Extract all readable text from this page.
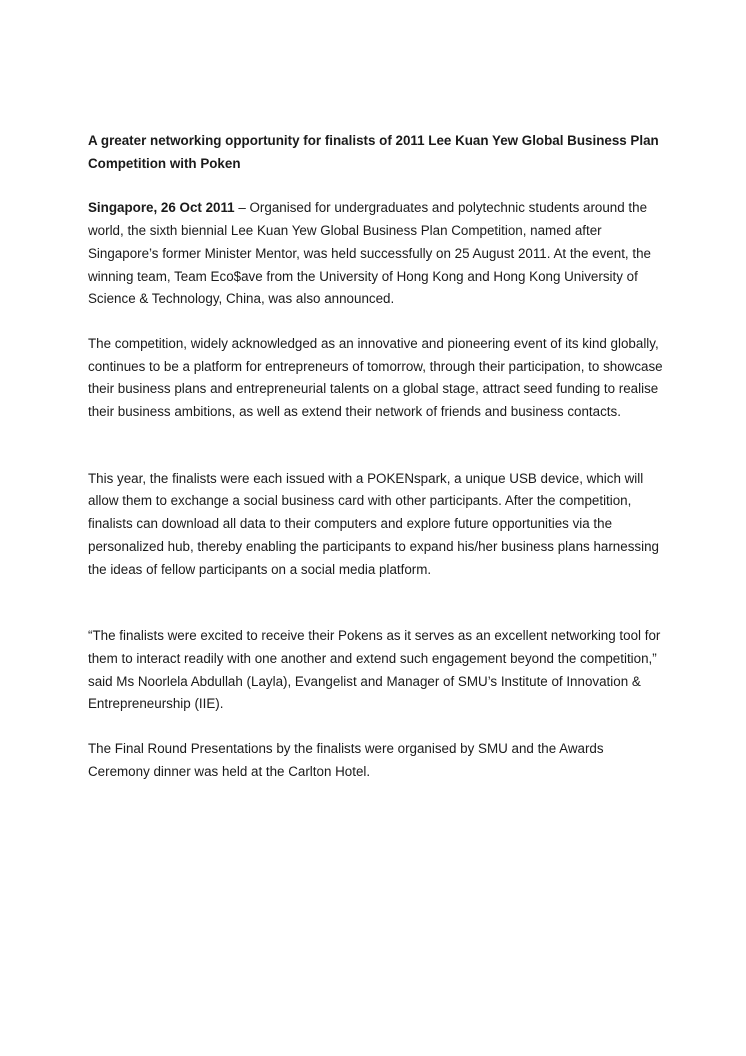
A greater networking opportunity for finalists of 2011 Lee Kuan Yew Global Business Plan Competition with Poken

Singapore, 26 Oct 2011 – Organised for undergraduates and polytechnic students around the world, the sixth biennial Lee Kuan Yew Global Business Plan Competition, named after Singapore’s former Minister Mentor, was held successfully on 25 August 2011. At the event, the winning team, Team Eco$ave from the University of Hong Kong and Hong Kong University of Science & Technology, China, was also announced.

The competition, widely acknowledged as an innovative and pioneering event of its kind globally, continues to be a platform for entrepreneurs of tomorrow, through their participation, to showcase their business plans and entrepreneurial talents on a global stage, attract seed funding to realise their business ambitions, as well as extend their network of friends and business contacts.

This year, the finalists were each issued with a POKENspark, a unique USB device, which will allow them to exchange a social business card with other participants. After the competition, finalists can download all data to their computers and explore future opportunities via the personalized hub, thereby enabling the participants to expand his/her business plans harnessing the ideas of fellow participants on a social media platform.

“The finalists were excited to receive their Pokens as it serves as an excellent networking tool for them to interact readily with one another and extend such engagement beyond the competition,” said Ms Noorlela Abdullah (Layla), Evangelist and Manager of SMU’s Institute of Innovation & Entrepreneurship (IIE).

The Final Round Presentations by the finalists were organised by SMU and the Awards Ceremony dinner was held at the Carlton Hotel.
